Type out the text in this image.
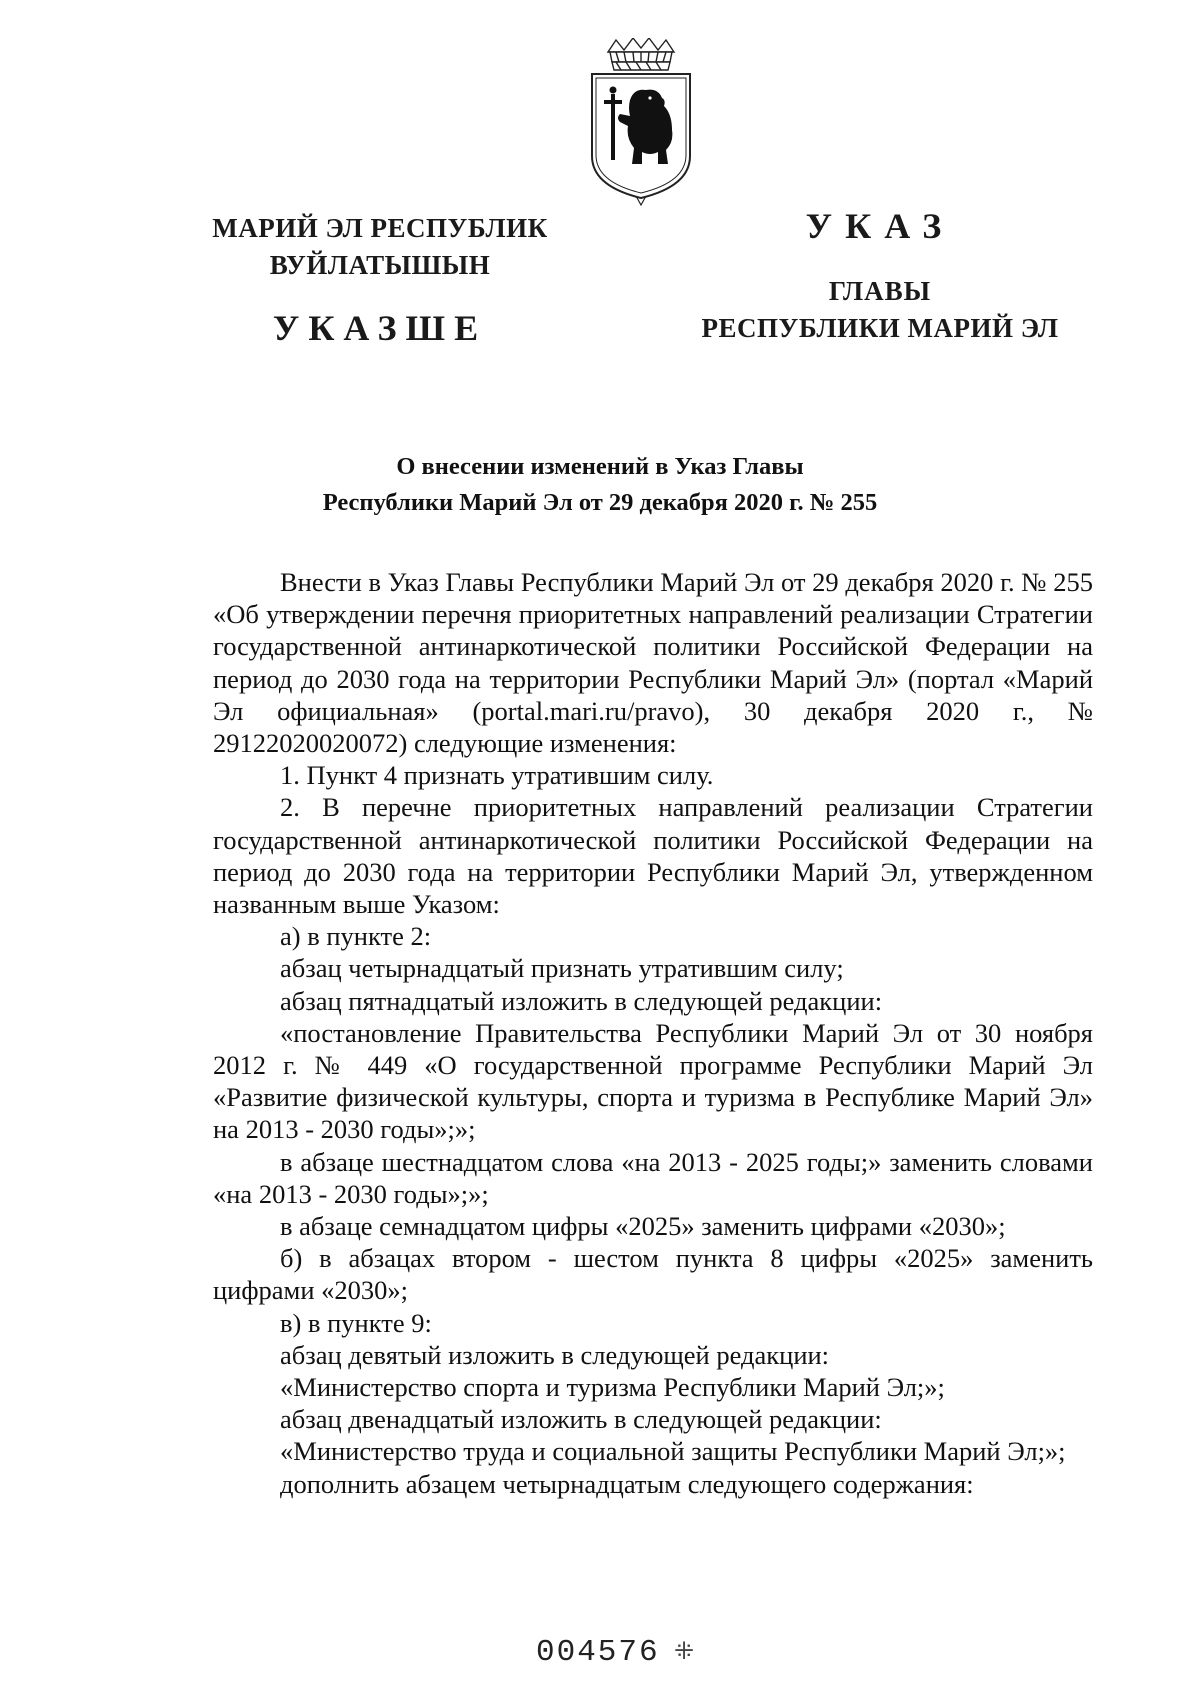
МАРИЙ ЭЛ РЕСПУБЛИК
ВУЙЛАТЫШЫН
УКАЗШЕ
УКАЗ
ГЛАВЫ
РЕСПУБЛИКИ МАРИЙ ЭЛ
О внесении изменений в Указ Главы
Республики Марий Эл от 29 декабря 2020 г. № 255

Внести в Указ Главы Республики Марий Эл от 29 декабря 2020 г. № 255 «Об утверждении перечня приоритетных направлений реализации Стратегии государственной антинаркотической политики Российской Федерации на период до 2030 года на территории Республики Марий Эл» (портал «Марий Эл официальная» (portal.mari.ru/pravo), 30 декабря 2020 г., № 29122020020072) следующие изменения:

1. Пункт 4 признать утратившим силу.

2. В перечне приоритетных направлений реализации Стратегии государственной антинаркотической политики Российской Федерации на период до 2030 года на территории Республики Марий Эл, утвержденном названным выше Указом:

а) в пункте 2:

абзац четырнадцатый признать утратившим силу;

абзац пятнадцатый изложить в следующей редакции:

«постановление Правительства Республики Марий Эл от 30 ноября 2012 г. № 449 «О государственной программе Республики Марий Эл «Развитие физической культуры, спорта и туризма в Республике Марий Эл» на 2013 - 2030 годы»;»;

в абзаце шестнадцатом слова «на 2013 - 2025 годы;» заменить словами «на 2013 - 2030 годы»;»;

в абзаце семнадцатом цифры «2025» заменить цифрами «2030»;

б) в абзацах втором - шестом пункта 8 цифры «2025» заменить цифрами «2030»;

в) в пункте 9:

абзац девятый изложить в следующей редакции:

«Министерство спорта и туризма Республики Марий Эл;»;

абзац двенадцатый изложить в следующей редакции:

«Министерство труда и социальной защиты Республики Марий Эл;»;

дополнить абзацем четырнадцатым следующего содержания:

004576 ⁜
